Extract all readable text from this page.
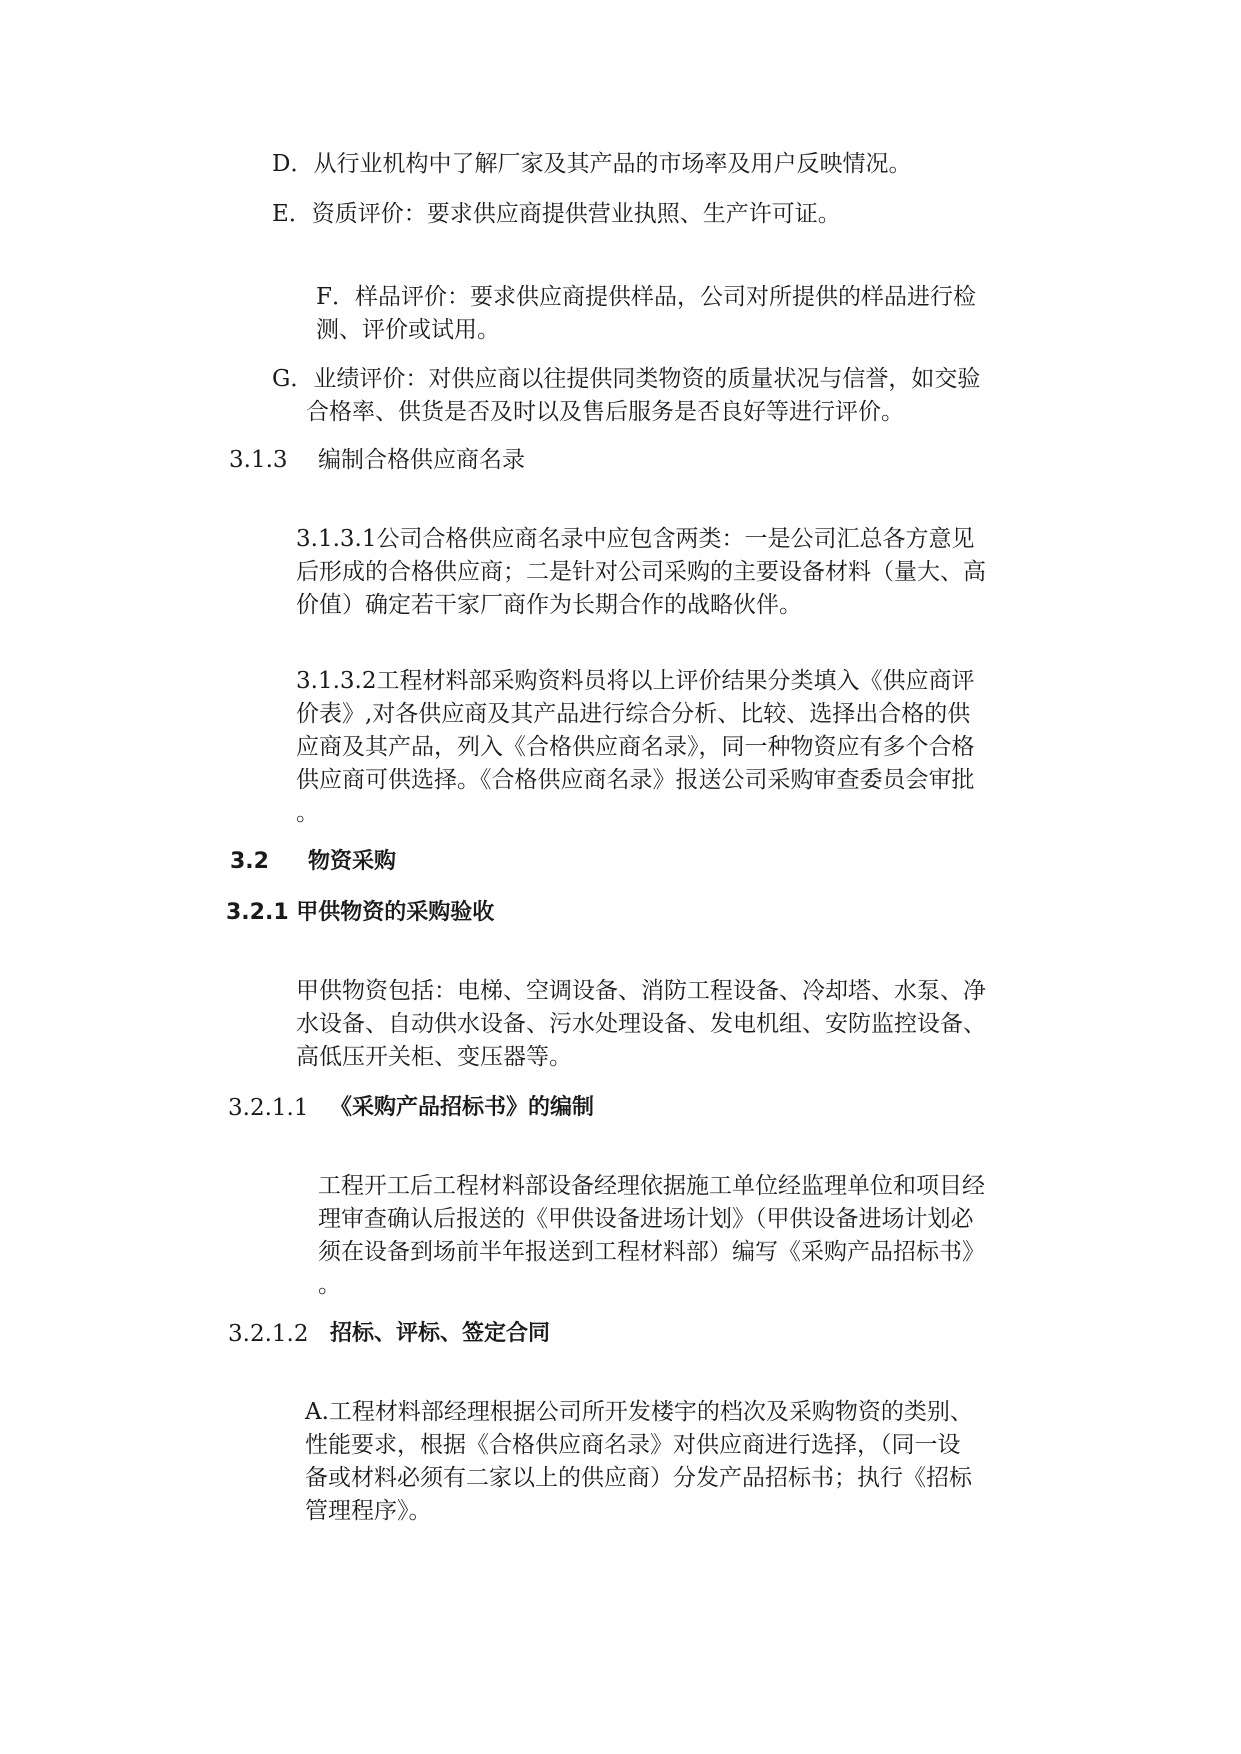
D．从行业机构中了解厂家及其产品的市场率及用户反映情况。

E．资质评价：要求供应商提供营业执照、生产许可证。

F．样品评价：要求供应商提供样品，公司对所提供的样品进行检
测、评价或试用。
G．业绩评价：对供应商以往提供同类物资的质量状况与信誉，如交验
合格率、供货是否及时以及售后服务是否良好等进行评价。

3.1.3 编制合格供应商名录

3.1.3.1公司合格供应商名录中应包含两类：一是公司汇总各方意见
后形成的合格供应商；二是针对公司采购的主要设备材料（量大、高
价值）确定若干家厂商作为长期合作的战略伙伴。
3.1.3.2工程材料部采购资料员将以上评价结果分类填入《供应商评
价表》,对各供应商及其产品进行综合分析、比较、选择出合格的供
应商及其产品，列入《合格供应商名录》，同一种物资应有多个合格
供应商可供选择。《合格供应商名录》报送公司采购审查委员会审批
。

3.2 物资采购

3.2.1 甲供物资的采购验收

甲供物资包括：电梯、空调设备、消防工程设备、冷却塔、水泵、净
水设备、自动供水设备、污水处理设备、发电机组、安防监控设备、
高低压开关柜、变压器等。

3.2.1.1 《采购产品招标书》的编制

工程开工后工程材料部设备经理依据施工单位经监理单位和项目经
理审查确认后报送的《甲供设备进场计划》（甲供设备进场计划必
须在设备到场前半年报送到工程材料部）编写《采购产品招标书》
。

3.2.1.2 招标、评标、签定合同

A.工程材料部经理根据公司所开发楼宇的档次及采购物资的类别、
性能要求，根据《合格供应商名录》对供应商进行选择，（同一设
备或材料必须有二家以上的供应商）分发产品招标书；执行《招标
管理程序》。
